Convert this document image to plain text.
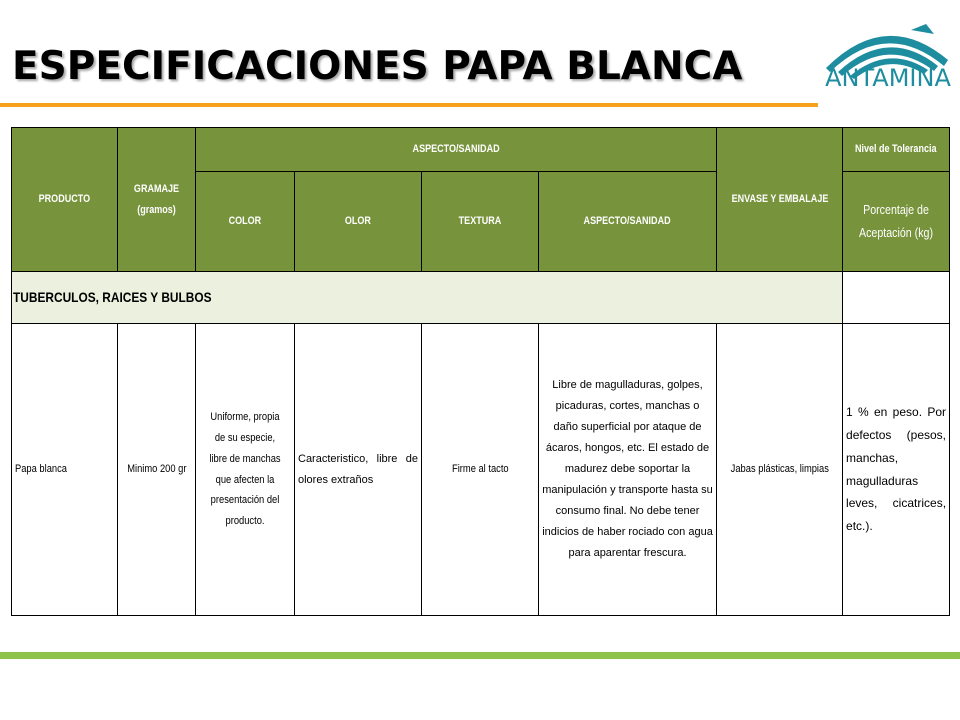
ESPECIFICACIONES PAPA BLANCA	ANTAMINA
PRODUCTO	GRAMAJE (gramos)	ASPECTO/SANIDAD				ENVASE Y EMBALAJE	Nivel de Tolerancia
		COLOR	OLOR	TEXTURA	ASPECTO/SANIDAD		Porcentaje de Aceptación (kg)
TUBERCULOS, RAICES Y BULBOS							
Papa blanca	Minimo 200 gr	Uniforme, propia de su especie, libre de manchas que afecten la presentación del producto.	Caracteristico, libre de olores extraños	Firme al tacto	Libre de magulladuras, golpes, picaduras, cortes, manchas o daño superficial por ataque de ácaros, hongos, etc. El estado de madurez debe soportar la manipulación y transporte hasta su consumo final. No debe tener indicios de haber rociado con agua para aparentar frescura.	Jabas plásticas, limpias	1 % en peso. Por defectos (pesos, manchas, magulladuras leves, cicatrices, etc.).
